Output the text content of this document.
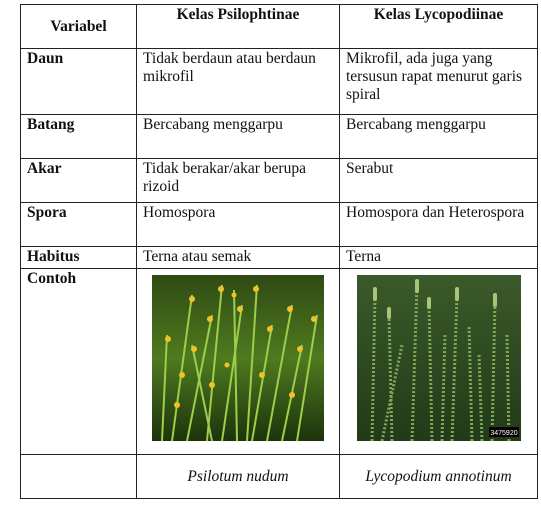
Variabel	Kelas Psilophtinae	Kelas Lycopodiinae
Daun	Tidak berdaun atau berdaun mikrofil	Mikrofil, ada juga yang tersusun rapat menurut garis spiral
Batang	Bercabang menggarpu	Bercabang menggarpu
Akar	Tidak berakar/akar berupa rizoid	Serabut
Spora	Homospora	Homospora dan Heterospora
Habitus	Terna atau semak	Terna
Contoh		3475920

	Psilotum nudum	Lycopodium annotinum
